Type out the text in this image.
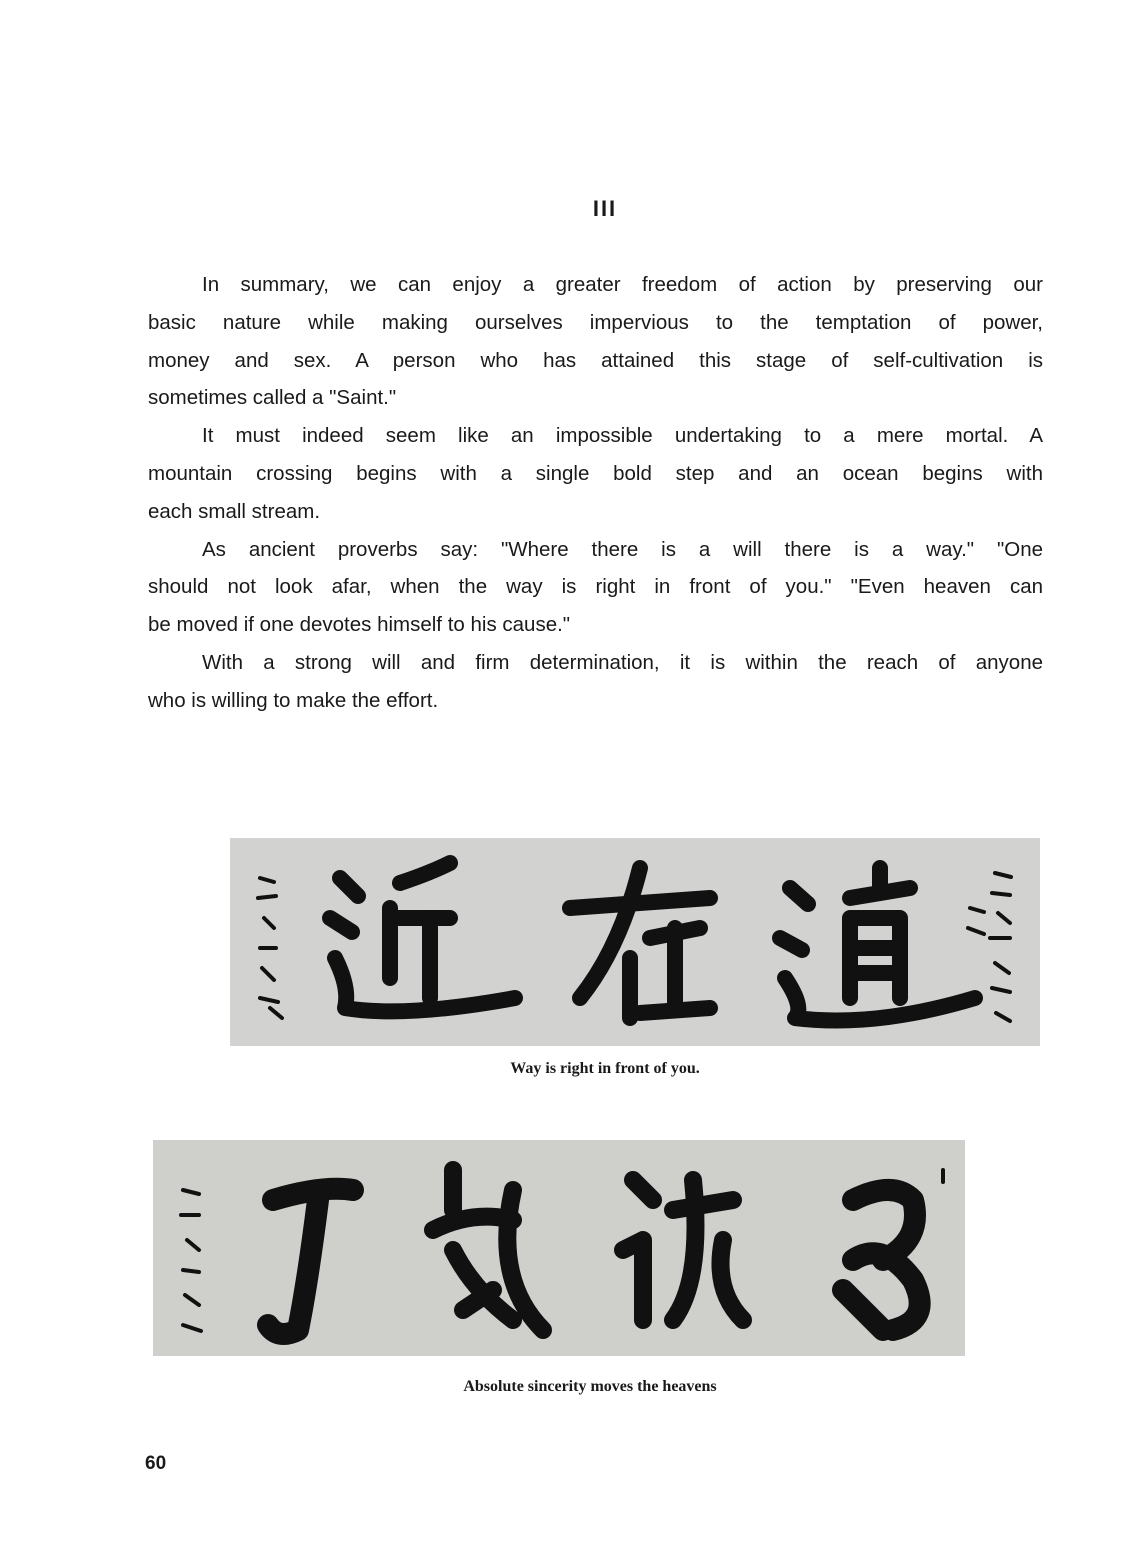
III
In summary, we can enjoy a greater freedom of action by preserving our
basic nature while making ourselves impervious to the temptation of power,
money and sex. A person who has attained this stage of self-cultivation is
sometimes called a "Saint."
It must indeed seem like an impossible undertaking to a mere mortal. A
mountain crossing begins with a single bold step and an ocean begins with
each small stream.
As ancient proverbs say: "Where there is a will there is a way." "One
should not look afar, when the way is right in front of you." "Even heaven can
be moved if one devotes himself to his cause."
With a strong will and firm determination, it is within the reach of anyone
who is willing to make the effort.
Way is right in front of you.
Absolute sincerity moves the heavens
60
